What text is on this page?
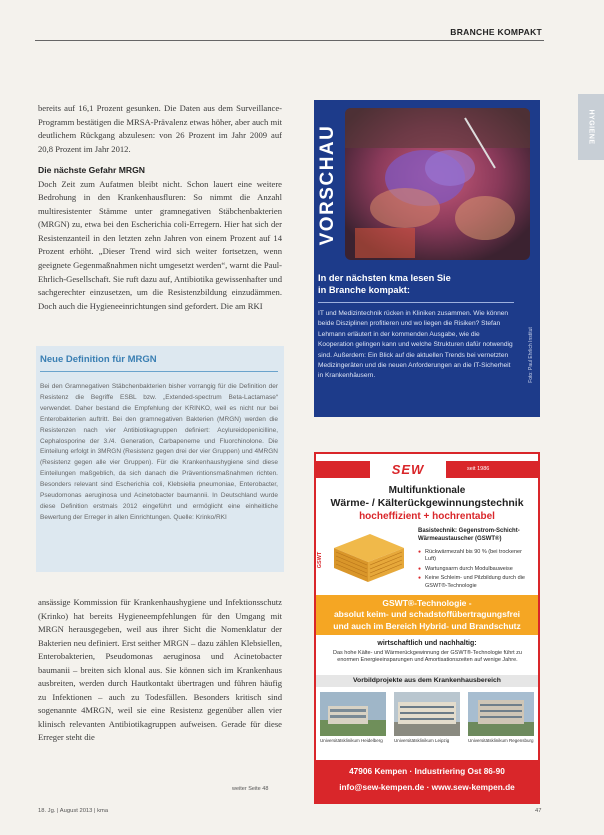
BRANCHE KOMPAKT
HYGIENE

bereits auf 16,1 Prozent gesunken. Die Daten aus dem Surveillance-Programm bestätigen die MRSA-Prävalenz etwas höher, aber auch mit deutlichem Rückgang abzulesen: von 26 Prozent im Jahr 2009 auf 20,8 Prozent im Jahr 2012.

Die nächste Gefahr MRGN

Doch Zeit zum Aufatmen bleibt nicht. Schon lauert eine weitere Bedrohung in den Krankenhausfluren: So nimmt die Anzahl multiresistenter Stämme unter gramnegativen Stäbchenbakterien (MRGN) zu, etwa bei den Escherichia coli-Erregern. Hier hat sich der Resistenzanteil in den letzten zehn Jahren von einem Prozent auf 14 Prozent erhöht. „Dieser Trend wird sich weiter fortsetzen, wenn geeignete Gegenmaßnahmen nicht umgesetzt werden“, warnt die Paul-Ehrlich-Gesellschaft. Sie ruft dazu auf, Antibiotika gewissenhafter und sachgerechter einzusetzen, um die Resistenzbildung einzudämmen. Doch auch die Hygieneeinrichtungen sind gefordert. Die am RKI

Neue Definition für MRGN
Bei den Gramnegativen Stäbchenbakterien bisher vorrangig für die Definition der Resistenz die Begriffe ESBL bzw. „Extended-spectrum Beta-Lactamase“ verwendet. Daher bestand die Empfehlung der KRINKO, weil es nicht nur bei Enterobakterien auftritt. Bei den gramnegativen Bakterien (MRGN) werden die Resistenzen nach vier Antibiotikagruppen definiert: Acylureidopenicilline, Cephalosporine der 3./4. Generation, Carbapeneme und Fluorchinolone. Die Einteilung erfolgt in 3MRGN (Resistenz gegen drei der vier Gruppen) und 4MRGN (Resistenz gegen alle vier Gruppen). Für die Krankenhaushygiene sind diese Einteilungen maßgeblich, da sich danach die Präventionsmaßnahmen richten. Besonders relevant sind Escherichia coli, Klebsiella pneumoniae, Enterobacter, Pseudomonas aeruginosa und Acinetobacter baumannii. In Deutschland wurde diese Definition erstmals 2012 eingeführt und ermöglicht eine einheitliche Bewertung der Erreger in allen Einrichtungen. Quelle: Krinko/RKI

ansässige Kommission für Krankenhaushygiene und Infektionsschutz (Krinko) hat bereits Hygieneempfehlungen für den Umgang mit MRGN herausgegeben, weil aus ihrer Sicht die Nomenklatur der Bakterien neu definiert. Erst seither MRGN – dazu zählen Klebsiellen, Enterobakterien, Pseudomonas aeruginosa und Acinetobacter baumanii – breiten sich klonal aus. Sie können sich im Krankenhaus ausbreiten, werden durch Hautkontakt übertragen und führen häufig zu Infektionen – auch zu Todesfällen. Besonders kritisch sind sogenannte 4MRGN, weil sie eine Resistenz gegenüber allen vier klinisch relevanten Antibiotikagruppen aufweisen. Gerade für diese Erreger steht die

weiter Seite 48
VORSCHAU
In der nächsten kma lesen Sie
in Branche kompakt:
IT und Medizintechnik rücken in Kliniken zusammen. Wie können beide Disziplinen profitieren und wo liegen die Risiken? Stefan Lehmann erläutert in der kommenden Ausgabe, wie die Kooperation gelingen kann und welche Strukturen dafür notwendig sind. Außerdem: Ein Blick auf die aktuellen Trends bei vernetzten Medizingeräten und die neuen Anforderungen an die IT-Sicherheit in Krankenhäusern.	Foto: Paul Ehrlich Institut
SEW	seit 1986
Multifunktionale
Wärme- / Kälterückgewinnungstechnik
hocheffizient + hochrentabel
GSWT
Basistechnik: Gegenstrom-Schicht-Wärmeaustauscher (GSWT®)
● Rückwärmezahl bis 90 % (bei trockener Luft)
● Wartungsarm durch Modulbauweise
● Keine Schleim- und Pilzbildung durch die GSWT®-Technologie
GSWT®-Technologie -
absolut keim- und schadstoffübertragungsfrei
und auch im Bereich Hybrid- und Brandschutz
wirtschaftlich und nachhaltig:
Das hohe Kälte- und Wärmerückgewinnung der GSWT®-Technologie führt zu enormen Energieeinsparungen und Amortisationszeiten auf wenige Jahre.
Vorbildprojekte aus dem Krankenhausbereich
Universitätsklinikum Heidelberg	Universitätsklinikum Leipzig	Universitätsklinikum Regensburg
47906 Kempen · Industriering Ost 86-90
info@sew-kempen.de · www.sew-kempen.de
18. Jg. | August 2013 | kma	47
